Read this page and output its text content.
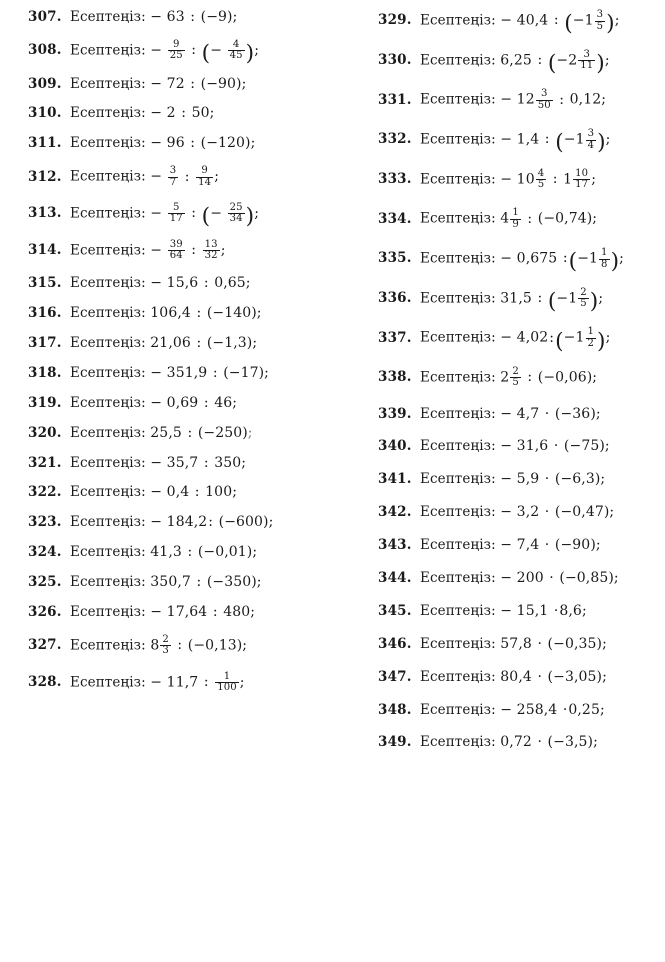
307. Есептеңіз: − 63 : (−9);
308. Есептеңіз: − $\frac{9}{25}$ : (− $\frac{4}{45}$ );
309. Есептеңіз: − 72 : (−90);
310. Есептеңіз: − 2 : 50;
311. Есептеңіз: − 96 : (−120);
312. Есептеңіз: − $\frac{3}{7}$ : $\frac{9}{14}$ ;
313. Есептеңіз: − $\frac{5}{17}$ : (− $\frac{25}{34}$ );
314. Есептеңіз: − $\frac{39}{64}$ : $\frac{13}{32}$ ;
315. Есептеңіз: − 15,6 : 0,65;
316. Есептеңіз: 106,4 : (−140);
317. Есептеңіз: 21,06 : (−1,3);
318. Есептеңіз: − 351,9 : (−17);
319. Есептеңіз: − 0,69 : 46;
320. Есептеңіз: 25,5 : (−250);
321. Есептеңіз: − 35,7 : 350;
322. Есептеңіз: − 0,4 : 100;
323. Есептеңіз: − 184,2: (−600);
324. Есептеңіз: 41,3 : (−0,01);
325. Есептеңіз: 350,7 : (−350);
326. Есептеңіз: − 17,64 : 480;
327. Есептеңіз: $8 \frac{2}{3}$ : (−0,13);
328. Есептеңіз: − 11,7 : $\frac{1}{100}$ ;
329. Есептеңіз: − 40,4 : ($-1 \frac{3}{5}$ );
330. Есептеңіз: 6,25 : ($-2 \frac{3}{11}$ );
331. Есептеңіз: − $12 \frac{3}{50}$ : 0,12;
332. Есептеңіз: − 1,4 : ($-1 \frac{3}{4}$ );
333. Есептеңіз: − $10 \frac{4}{5}$ : $1 \frac{10}{17}$ ;
334. Есептеңіз: $4 \frac{1}{9}$ : (−0,74);
335. Есептеңіз: − 0,675 :(−1 $\frac{1}{8}$ );
336. Есептеңіз: 31,5 : ($-1 \frac{2}{5}$ );
337. Есептеңіз: − 4,02:(−1 $\frac{1}{2}$ );
338. Есептеңіз: $2 \frac{2}{5}$ : (−0,06);
339. Есептеңіз: − 4,7 · (−36);
340. Есептеңіз: − 31,6 · (−75);
341. Есептеңіз: − 5,9 · (−6,3);
342. Есептеңіз: − 3,2 · (−0,47);
343. Есептеңіз: − 7,4 · (−90);
344. Есептеңіз: − 200 · (−0,85);
345. Есептеңіз: − 15,1 ·8,6;
346. Есептеңіз: 57,8 · (−0,35);
347. Есептеңіз: 80,4 · (−3,05);
348. Есептеңіз: − 258,4 ·0,25;
349. Есептеңіз: 0,72 · (−3,5);
